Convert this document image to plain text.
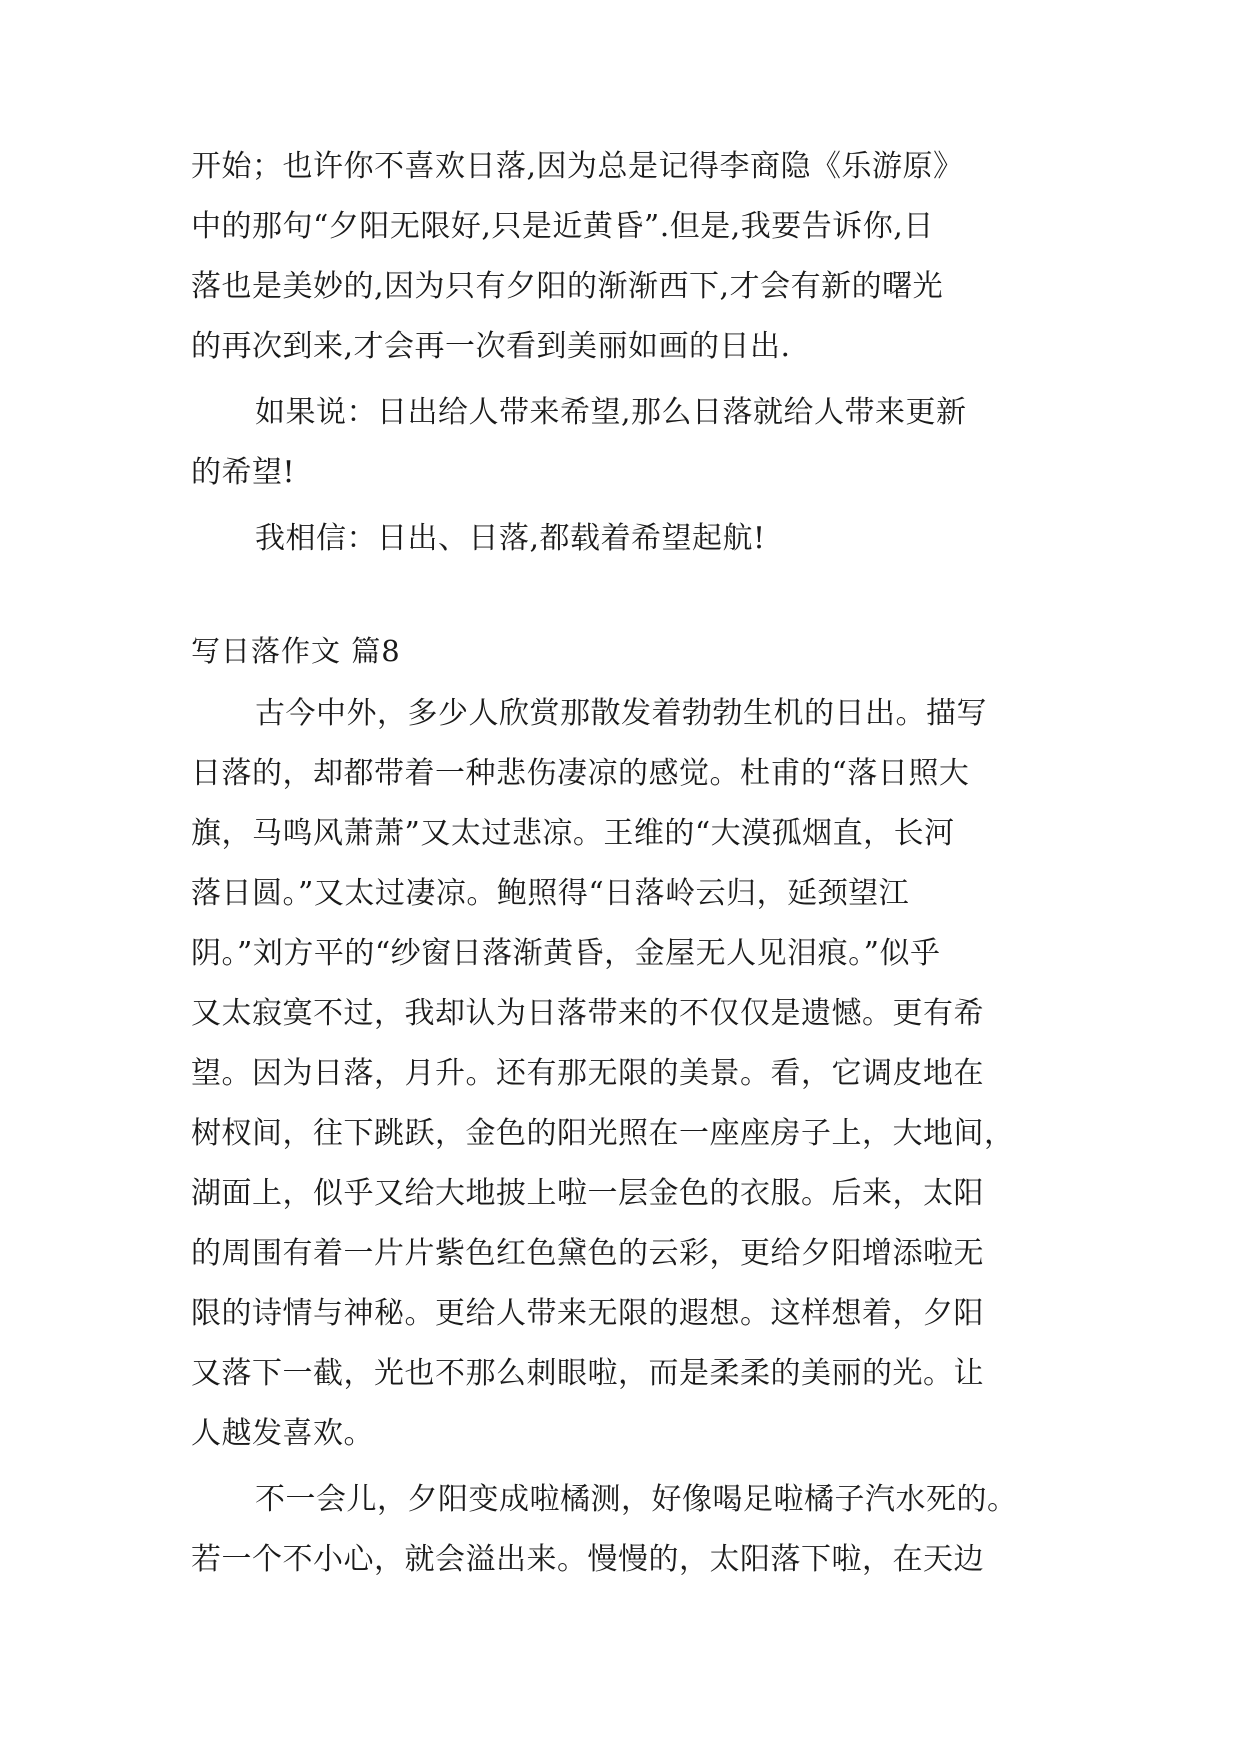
开始；也许你不喜欢日落,因为总是记得李商隐《乐游原》
中的那句“夕阳无限好,只是近黄昏”.但是,我要告诉你,日
落也是美妙的,因为只有夕阳的渐渐西下,才会有新的曙光
的再次到来,才会再一次看到美丽如画的日出.
如果说：日出给人带来希望,那么日落就给人带来更新
的希望!
我相信：日出、日落,都载着希望起航!
写日落作文 篇8
古今中外，多少人欣赏那散发着勃勃生机的日出。描写
日落的，却都带着一种悲伤凄凉的感觉。杜甫的“落日照大
旗，马鸣风萧萧”又太过悲凉。王维的“大漠孤烟直，长河
落日圆。”又太过凄凉。鲍照得“日落岭云归，延颈望江
阴。”刘方平的“纱窗日落渐黄昏，金屋无人见泪痕。”似乎
又太寂寞不过，我却认为日落带来的不仅仅是遗憾。更有希
望。因为日落，月升。还有那无限的美景。看，它调皮地在
树杈间，往下跳跃，金色的阳光照在一座座房子上，大地间，
湖面上，似乎又给大地披上啦一层金色的衣服。后来，太阳
的周围有着一片片紫色红色黛色的云彩，更给夕阳增添啦无
限的诗情与神秘。更给人带来无限的遐想。这样想着，夕阳
又落下一截，光也不那么刺眼啦，而是柔柔的美丽的光。让
人越发喜欢。
不一会儿，夕阳变成啦橘测，好像喝足啦橘子汽水死的。
若一个不小心，就会溢出来。慢慢的，太阳落下啦，在天边
